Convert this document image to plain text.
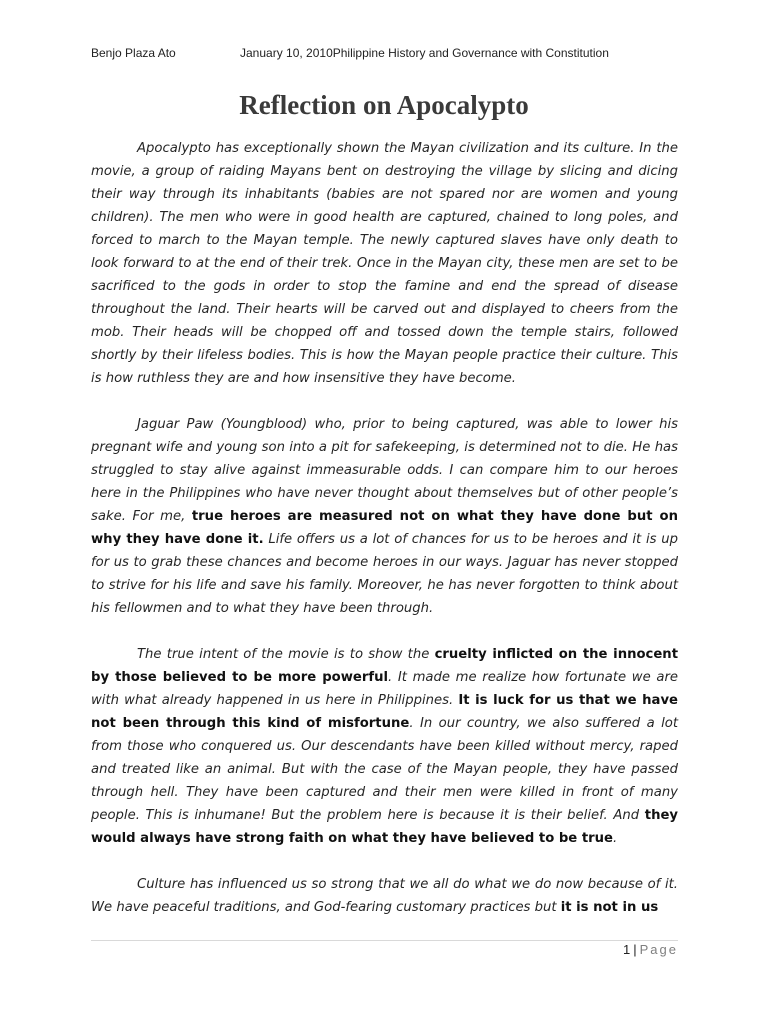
Benjo Plaza Ato	January 10, 2010Philippine History and Governance with Constitution
Reflection on Apocalypto

Apocalypto has exceptionally shown the Mayan civilization and its culture. In the movie, a group of raiding Mayans bent on destroying the village by slicing and dicing their way through its inhabitants (babies are not spared nor are women and young children). The men who were in good health are captured, chained to long poles, and forced to march to the Mayan temple. The newly captured slaves have only death to look forward to at the end of their trek. Once in the Mayan city, these men are set to be sacrificed to the gods in order to stop the famine and end the spread of disease throughout the land. Their hearts will be carved out and displayed to cheers from the mob. Their heads will be chopped off and tossed down the temple stairs, followed shortly by their lifeless bodies. This is how the Mayan people practice their culture. This is how ruthless they are and how insensitive they have become.

Jaguar Paw (Youngblood) who, prior to being captured, was able to lower his pregnant wife and young son into a pit for safekeeping, is determined not to die. He has struggled to stay alive against immeasurable odds. I can compare him to our heroes here in the Philippines who have never thought about themselves but of other people’s sake. For me, true heroes are measured not on what they have done but on why they have done it. Life offers us a lot of chances for us to be heroes and it is up for us to grab these chances and become heroes in our ways. Jaguar has never stopped to strive for his life and save his family. Moreover, he has never forgotten to think about his fellowmen and to what they have been through.

The true intent of the movie is to show the cruelty inflicted on the innocent by those believed to be more powerful. It made me realize how fortunate we are with what already happened in us here in Philippines. It is luck for us that we have not been through this kind of misfortune. In our country, we also suffered a lot from those who conquered us. Our descendants have been killed without mercy, raped and treated like an animal. But with the case of the Mayan people, they have passed through hell. They have been captured and their men were killed in front of many people. This is inhumane! But the problem here is because it is their belief. And they would always have strong faith on what they have believed to be true.

Culture has influenced us so strong that we all do what we do now because of it. We have peaceful traditions, and God-fearing customary practices but it is not in us

1 | Page
